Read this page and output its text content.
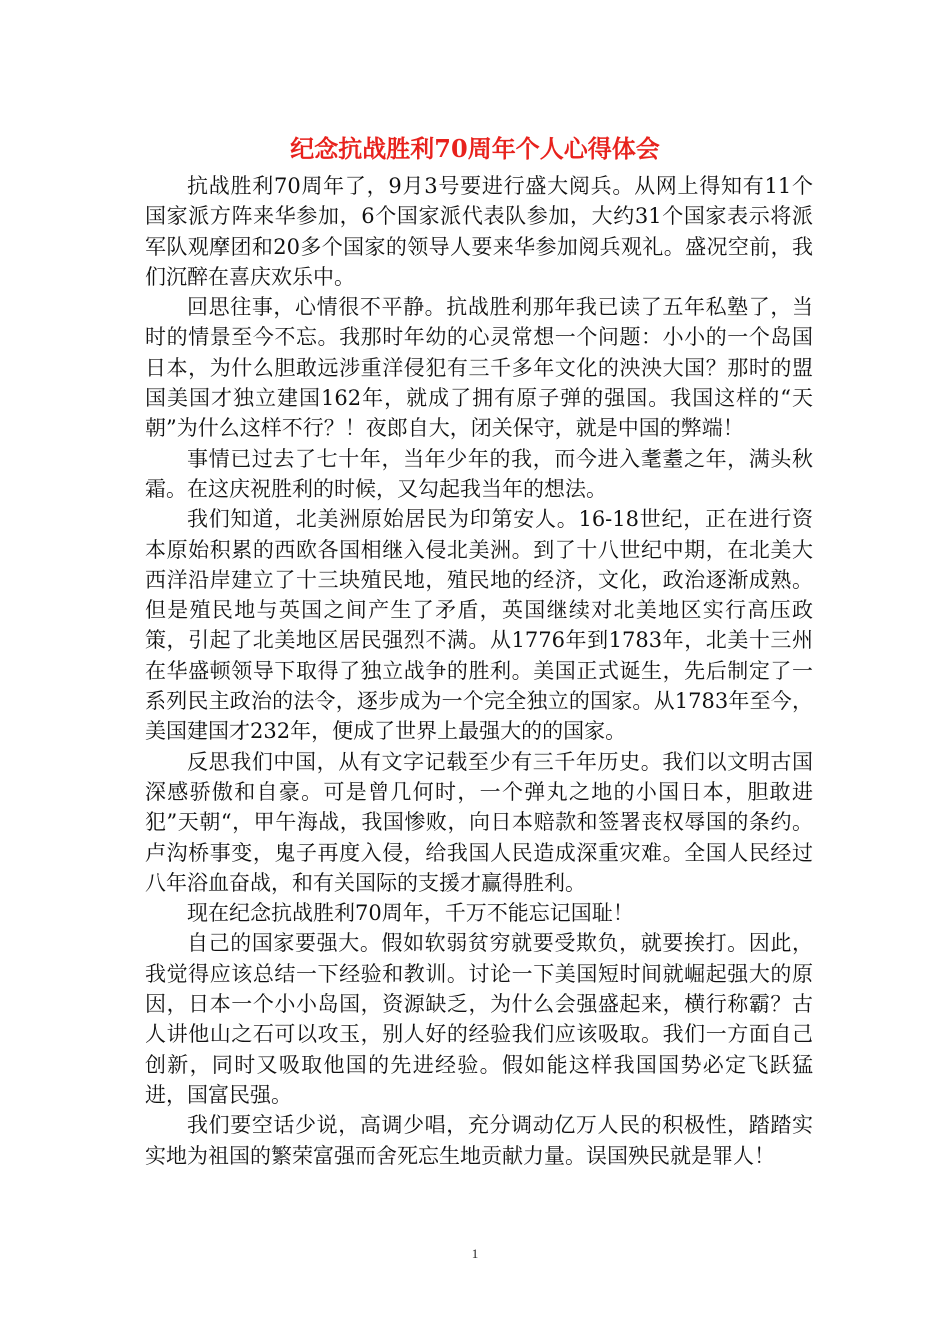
纪念抗战胜利70周年个人心得体会

抗战胜利70周年了，9月3号要进行盛大阅兵。从网上得知有11个国家派方阵来华参加，6个国家派代表队参加，大约31个国家表示将派军队观摩团和20多个国家的领导人要来华参加阅兵观礼。盛况空前，我们沉醉在喜庆欢乐中。

回思往事，心情很不平静。抗战胜利那年我已读了五年私塾了，当时的情景至今不忘。我那时年幼的心灵常想一个问题：小小的一个岛国日本，为什么胆敢远涉重洋侵犯有三千多年文化的泱泱大国？那时的盟国美国才独立建国162年，就成了拥有原子弹的强国。我国这样的“天朝”为什么这样不行？！夜郎自大，闭关保守，就是中国的弊端！

事情已过去了七十年，当年少年的我，而今进入耄耋之年，满头秋霜。在这庆祝胜利的时候，又勾起我当年的想法。

我们知道，北美洲原始居民为印第安人。16-18世纪，正在进行资本原始积累的西欧各国相继入侵北美洲。到了十八世纪中期，在北美大西洋沿岸建立了十三块殖民地，殖民地的经济，文化，政治逐渐成熟。但是殖民地与英国之间产生了矛盾，英国继续对北美地区实行高压政策，引起了北美地区居民强烈不满。从1776年到1783年，北美十三州在华盛顿领导下取得了独立战争的胜利。美国正式诞生，先后制定了一系列民主政治的法令，逐步成为一个完全独立的国家。从1783年至今，美国建国才232年，便成了世界上最强大的的国家。

反思我们中国，从有文字记载至少有三千年历史。我们以文明古国深感骄傲和自豪。可是曾几何时，一个弹丸之地的小国日本，胆敢进犯”天朝“，甲午海战，我国惨败，向日本赔款和签署丧权辱国的条约。卢沟桥事变，鬼子再度入侵，给我国人民造成深重灾难。全国人民经过八年浴血奋战，和有关国际的支援才赢得胜利。

现在纪念抗战胜利70周年，千万不能忘记国耻！

自己的国家要强大。假如软弱贫穷就要受欺负，就要挨打。因此，我觉得应该总结一下经验和教训。讨论一下美国短时间就崛起强大的原因，日本一个小小岛国，资源缺乏，为什么会强盛起来，横行称霸？古人讲他山之石可以攻玉，别人好的经验我们应该吸取。我们一方面自己创新，同时又吸取他国的先进经验。假如能这样我国国势必定飞跃猛进，国富民强。

我们要空话少说，高调少唱，充分调动亿万人民的积极性，踏踏实实地为祖国的繁荣富强而舍死忘生地贡献力量。误国殃民就是罪人！

1
